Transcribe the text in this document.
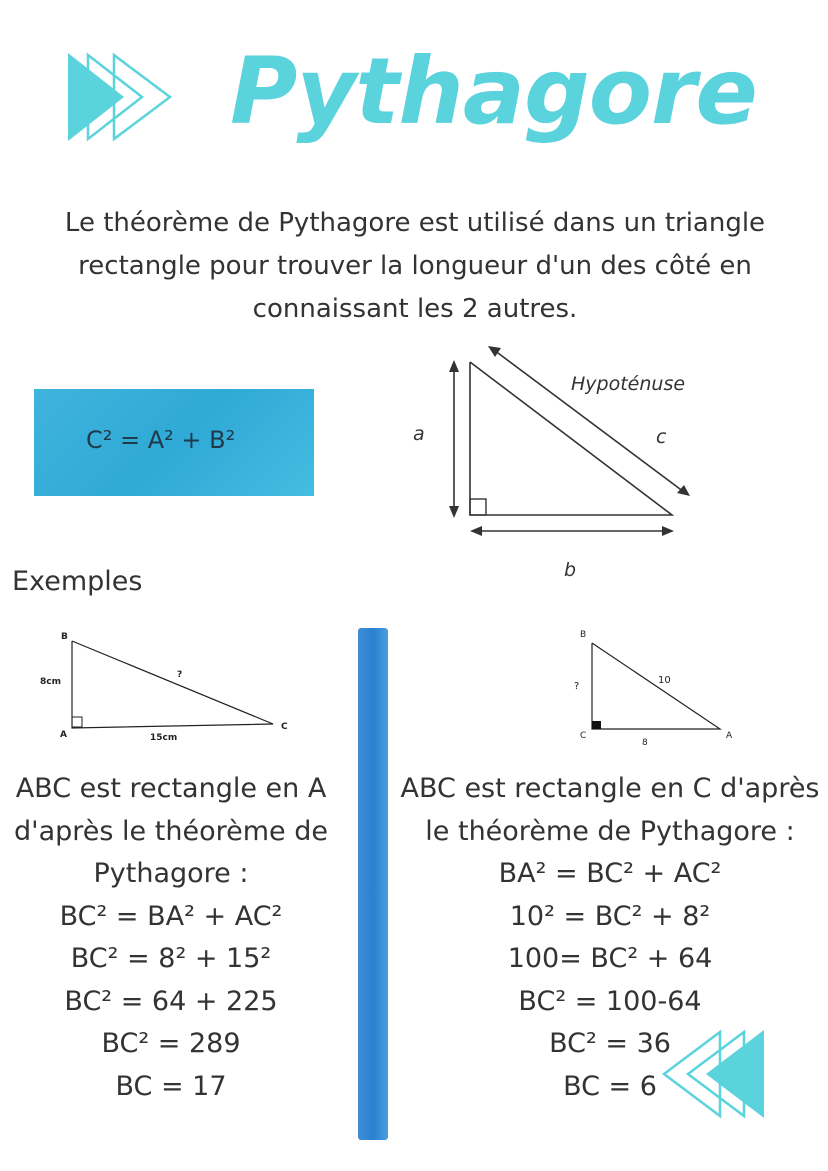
Pythagore
Le théorème de Pythagore est utilisé dans un triangle
rectangle pour trouver la longueur d'un des côté en
connaissant les 2 autres.
C² = A² + B²
Hypoténuse
c
a
b
Exemples
B
A
C
8cm
15cm
?
B
C	A
?
8
10
ABC est rectangle en A
d'après le théorème de
Pythagore :
BC² = BA² + AC²
BC² = 8² + 15²
BC² = 64 + 225
BC² = 289
BC = 17
ABC est rectangle en C d'après
le théorème de Pythagore :
BA² = BC² + AC²
10² = BC² + 8²
100= BC² + 64
BC² = 100-64
BC² = 36
BC = 6
